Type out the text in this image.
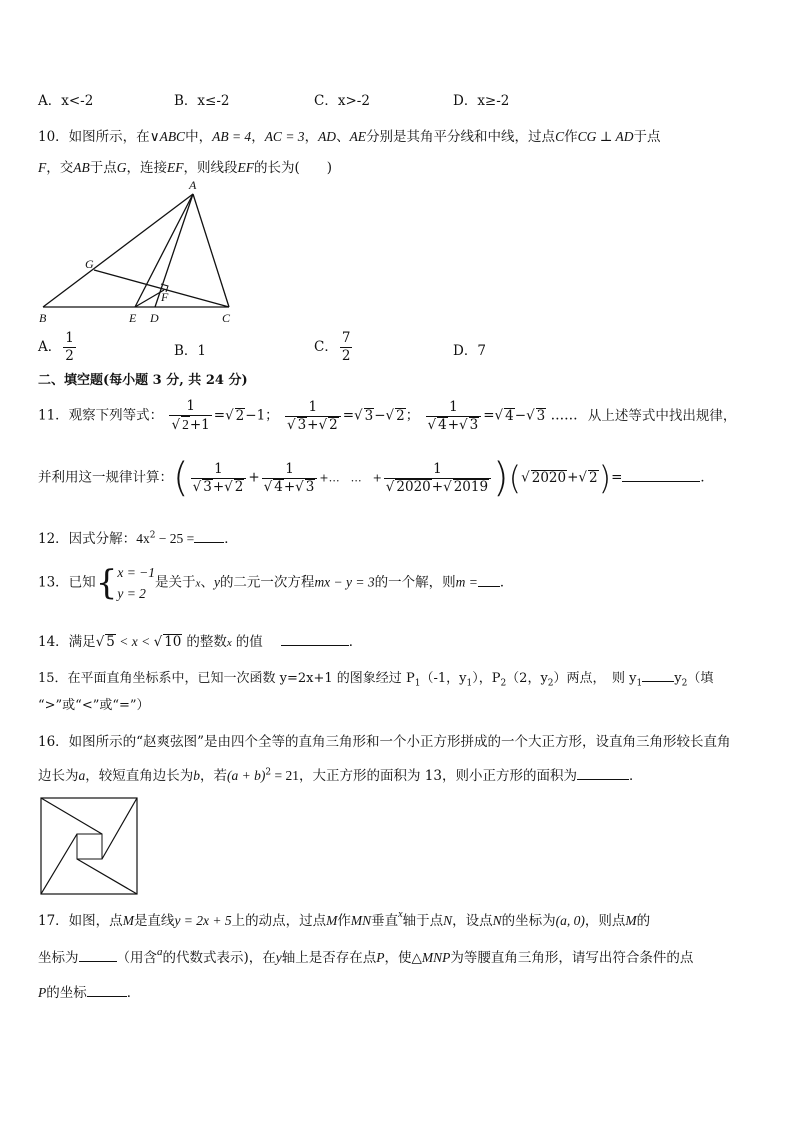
A．x<-2	B．x≤-2	C．x>-2	D．x≥-2
10．如图所示，在∨ABC中，AB = 4，AC = 3，AD、AE分别是其角平分线和中线，过点C作CG ⊥ AD于点
F，交AB于点G，连接EF，则线段EF的长为(　　)
A
G
F
B	E D	C
A． $\frac{1}{2}$	B．1	C． $\frac{7}{2}$	D．7
二、填空题(每小题 3 分, 共 24 分)
11．观察下列等式： $\frac{1}{√ 2+1}$ =√ 2−1； $\frac{1}{√ 3+√ 2}$ =√ 3−√ 2； $\frac{1}{√ 4+√ 3}$ =√ 4−√ 3 …… 从上述等式中找出规律，
并利用这一规律计算：( $\frac{1}{√ 3+√ 2} + \frac{1}{√ 4+√ 3}$ +…　…　+ $\frac{1}{√ 2020+√ 2019}$ )(√ 2020+√ 2)=	．
12．因式分解：$4x^2 - 25$ = ．
13．已知{ x = −1
y = 2
是关于x、y的二元一次方程mx − y = 3的一个解，则m = ．
14．满足√ 5 < x < √ 10 的整数x 的值	．
15．在平面直角坐标系中，已知一次函数 y=2x+1 的图象经过 $P_1(-1$，$y_1$），$P_2(2$，$y_2$）两点，　则 $y_1$ $y_2$（填
“>”或“<”或“=”）
16．如图所示的“赵爽弦图”是由四个全等的直角三角形和一个小正方形拼成的一个大正方形，设直角三角形较长直角
边长为a，较短直角边长为b，若$(a + b)^2 = 21$，大正方形的面积为 13，则小正方形的面积为	．
17．如图，点M是直线y = 2x + 5上的动点，过点M作MN垂直$^x$轴于点N，设点N的坐标为(a, 0)，则点M的
坐标为	（用含$^a$的代数式表示)，在y轴上是否存在点P，使△MNP为等腰直角三角形，请写出符合条件的点
P的坐标	．
